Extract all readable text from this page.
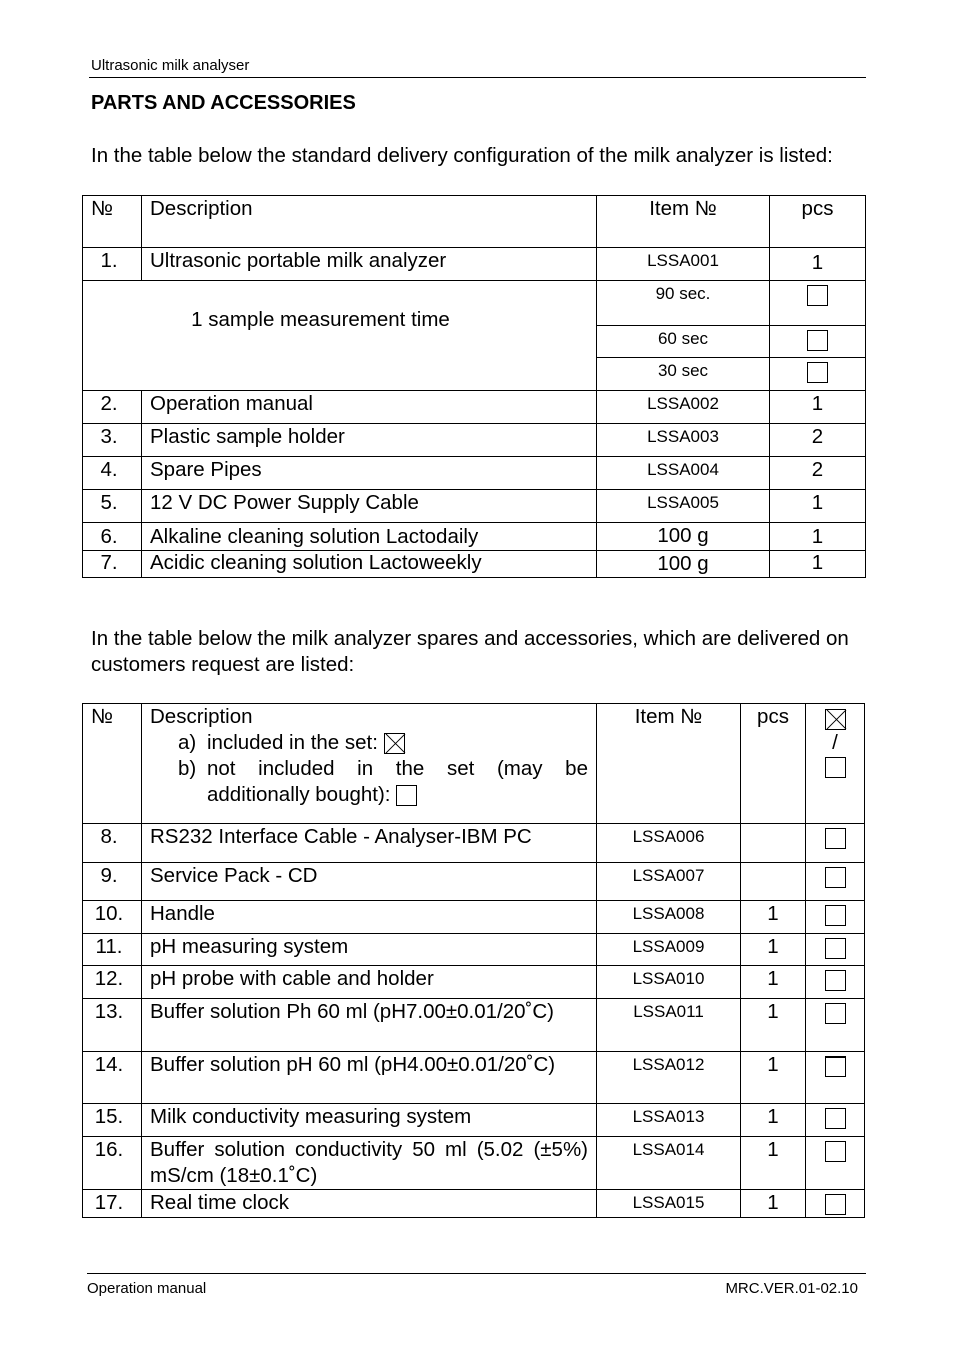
Ultrasonic milk analyser
PARTS AND ACCESSORIES
In the table below the standard delivery configuration of the milk analyzer is listed:
№	Description	Item №	pcs
1.	Ultrasonic portable milk analyzer	LSSA001	1
1 sample measurement time		90 sec.	
		60 sec	
		30 sec	
2.	Operation manual	LSSA002	1
3.	Plastic sample holder	LSSA003	2
4.	Spare Pipes	LSSA004	2
5.	12 V DC Power Supply Cable	LSSA005	1
6.	Alkaline cleaning solution Lactodaily	100 g	1
7.	Acidic cleaning solution Lactoweekly	100 g	1
In the table below the milk analyzer spares and accessories, which are delivered on customers request are listed:
№	Description
a) included in the set:
b) not included in the set (may be additionally bought):	Item №	pcs	/

8.	RS232 Interface Cable - Analyser-IBM PC	LSSA006		
9.	Service Pack - CD	LSSA007		
10.	Handle	LSSA008	1	
11.	pH measuring system	LSSA009	1	
12.	pH probe with cable and holder	LSSA010	1	
13.	Buffer solution Ph 60 ml (pH7.00±0.01/20˚C)	LSSA011	1	
14.	Buffer solution pH 60 ml (pH4.00±0.01/20˚C)	LSSA012	1	
15.	Milk conductivity measuring system	LSSA013	1	
16.	Buffer solution conductivity 50 ml (5.02 (±5%) mS/cm (18±0.1˚C)	LSSA014	1	
17.	Real time clock	LSSA015	1	
Operation manual	MRC.VER.01-02.10
